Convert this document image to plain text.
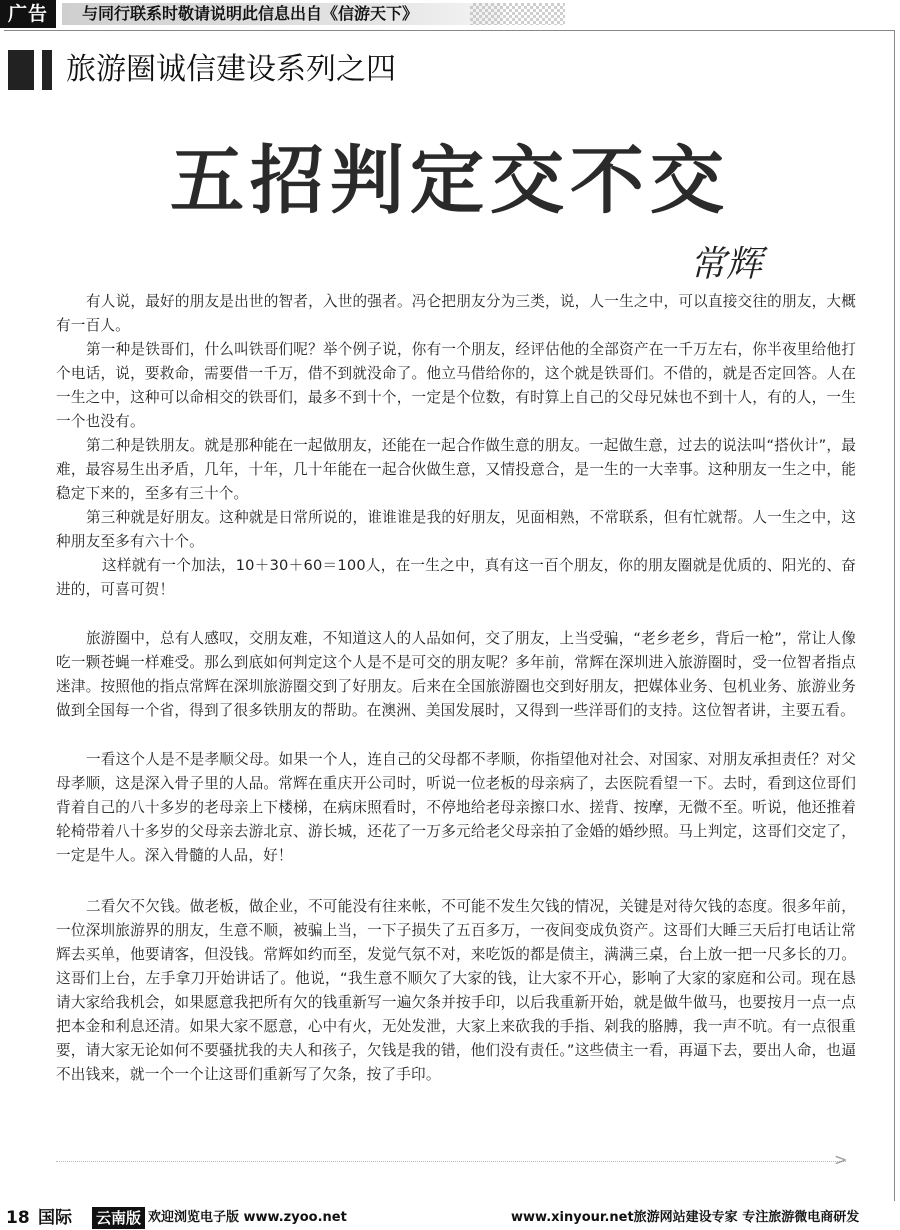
广告	与同行联系时敬请说明此信息出自《信游天下》
旅游圈诚信建设系列之四
五招判定交不交
常辉

有人说，最好的朋友是出世的智者，入世的强者。冯仑把朋友分为三类，说，人一生之中，可以直接交往的朋友，大概有一百人。

第一种是铁哥们，什么叫铁哥们呢？举个例子说，你有一个朋友，经评估他的全部资产在一千万左右，你半夜里给他打个电话，说，要救命，需要借一千万，借不到就没命了。他立马借给你的，这个就是铁哥们。不借的，就是否定回答。人在一生之中，这种可以命相交的铁哥们，最多不到十个，一定是个位数，有时算上自己的父母兄妹也不到十人，有的人，一生一个也没有。

第二种是铁朋友。就是那种能在一起做朋友，还能在一起合作做生意的朋友。一起做生意，过去的说法叫“搭伙计”，最难，最容易生出矛盾，几年，十年，几十年能在一起合伙做生意，又情投意合，是一生的一大幸事。这种朋友一生之中，能稳定下来的，至多有三十个。

第三种就是好朋友。这种就是日常所说的，谁谁谁是我的好朋友，见面相熟，不常联系，但有忙就帮。人一生之中，这种朋友至多有六十个。

这样就有一个加法，10＋30＋60＝100人，在一生之中，真有这一百个朋友，你的朋友圈就是优质的、阳光的、奋进的，可喜可贺！

旅游圈中，总有人感叹，交朋友难，不知道这人的人品如何，交了朋友，上当受骗，“老乡老乡，背后一枪”，常让人像吃一颗苍蝇一样难受。那么到底如何判定这个人是不是可交的朋友呢？多年前，常辉在深圳进入旅游圈时，受一位智者指点迷津。按照他的指点常辉在深圳旅游圈交到了好朋友。后来在全国旅游圈也交到好朋友，把媒体业务、包机业务、旅游业务做到全国每一个省，得到了很多铁朋友的帮助。在澳洲、美国发展时，又得到一些洋哥们的支持。这位智者讲，主要五看。

一看这个人是不是孝顺父母。如果一个人，连自己的父母都不孝顺，你指望他对社会、对国家、对朋友承担责任？对父母孝顺，这是深入骨子里的人品。常辉在重庆开公司时，听说一位老板的母亲病了，去医院看望一下。去时，看到这位哥们背着自己的八十多岁的老母亲上下楼梯，在病床照看时，不停地给老母亲擦口水、搓背、按摩，无微不至。听说，他还推着轮椅带着八十多岁的父母亲去游北京、游长城，还花了一万多元给老父母亲拍了金婚的婚纱照。马上判定，这哥们交定了，一定是牛人。深入骨髓的人品，好！

二看欠不欠钱。做老板，做企业，不可能没有往来帐，不可能不发生欠钱的情况，关键是对待欠钱的态度。很多年前，一位深圳旅游界的朋友，生意不顺，被骗上当，一下子损失了五百多万，一夜间变成负资产。这哥们大睡三天后打电话让常辉去买单，他要请客，但没钱。常辉如约而至，发觉气氛不对，来吃饭的都是债主，满满三桌，台上放一把一尺多长的刀。这哥们上台，左手拿刀开始讲话了。他说，“我生意不顺欠了大家的钱，让大家不开心，影响了大家的家庭和公司。现在恳请大家给我机会，如果愿意我把所有欠的钱重新写一遍欠条并按手印，以后我重新开始，就是做牛做马，也要按月一点一点把本金和利息还清。如果大家不愿意，心中有火，无处发泄，大家上来砍我的手指、剁我的胳膊，我一声不吭。有一点很重要，请大家无论如何不要骚扰我的夫人和孩子，欠钱是我的错，他们没有责任。”这些债主一看，再逼下去，要出人命，也逼不出钱来，就一个一个让这哥们重新写了欠条，按了手印。

>
18 国际 云南版 欢迎浏览电子版 www.zyoo.net	www.xinyour.net旅游网站建设专家 专注旅游微电商研发
